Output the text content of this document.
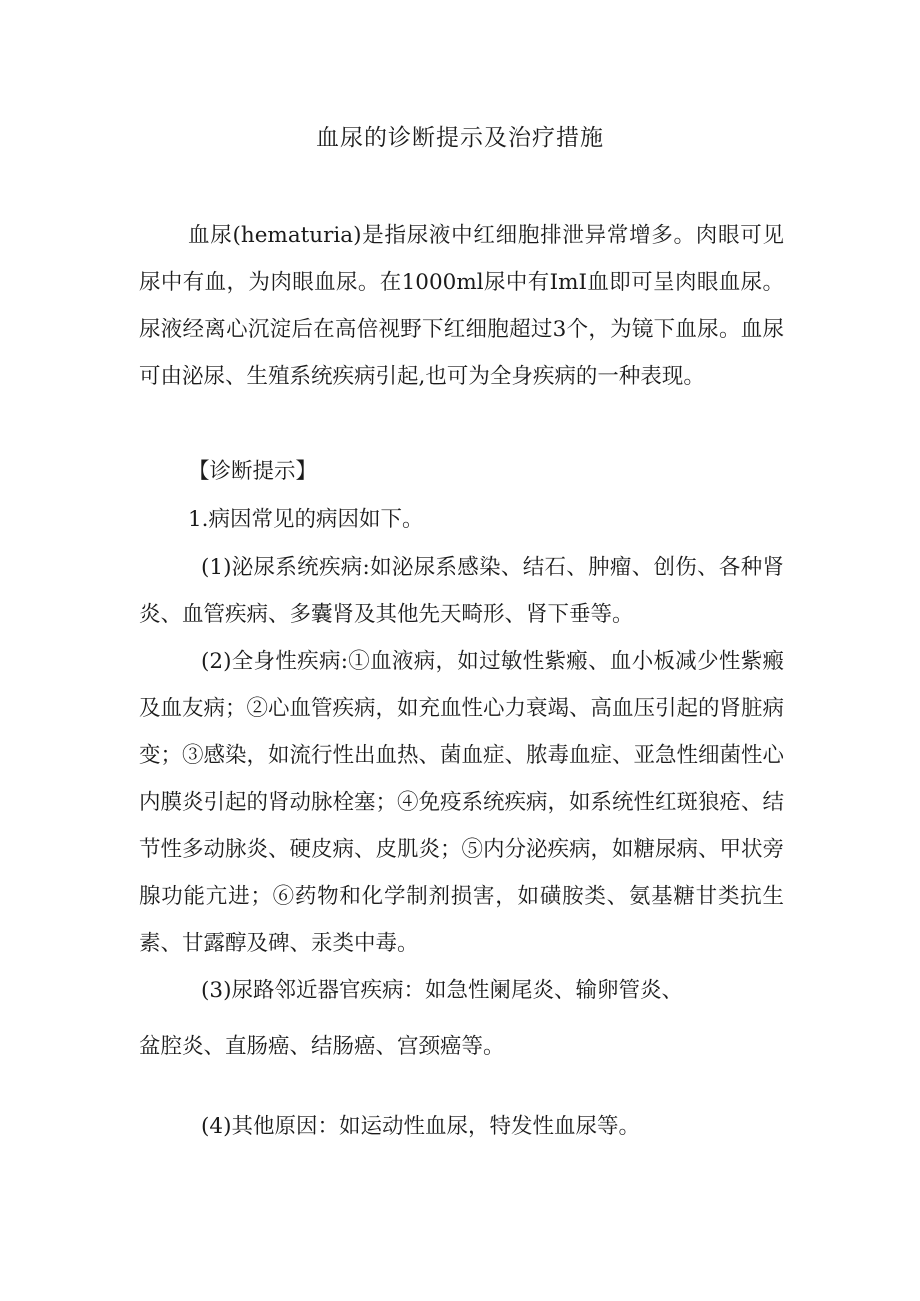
血尿的诊断提示及治疗措施

血尿(hematuria)是指尿液中红细胞排泄异常增多。肉眼可见尿中有血，为肉眼血尿。在1000ml尿中有ImI血即可呈肉眼血尿。尿液经离心沉淀后在高倍视野下红细胞超过3个，为镜下血尿。血尿可由泌尿、生殖系统疾病引起,也可为全身疾病的一种表现。

【诊断提示】

1.病因常见的病因如下。

(1)泌尿系统疾病:如泌尿系感染、结石、肿瘤、创伤、各种肾炎、血管疾病、多囊肾及其他先天畸形、肾下垂等。

(2)全身性疾病:①血液病，如过敏性紫瘢、血小板减少性紫瘢及血友病；②心血管疾病，如充血性心力衰竭、高血压引起的肾脏病变；③感染，如流行性出血热、菌血症、脓毒血症、亚急性细菌性心内膜炎引起的肾动脉栓塞；④免疫系统疾病，如系统性红斑狼疮、结节性多动脉炎、硬皮病、皮肌炎；⑤内分泌疾病，如糖尿病、甲状旁腺功能亢进；⑥药物和化学制剂损害，如磺胺类、氨基糖甘类抗生素、甘露醇及碑、汞类中毒。

(3)尿路邻近器官疾病：如急性阑尾炎、输卵管炎、

盆腔炎、直肠癌、结肠癌、宫颈癌等。

(4)其他原因：如运动性血尿，特发性血尿等。
